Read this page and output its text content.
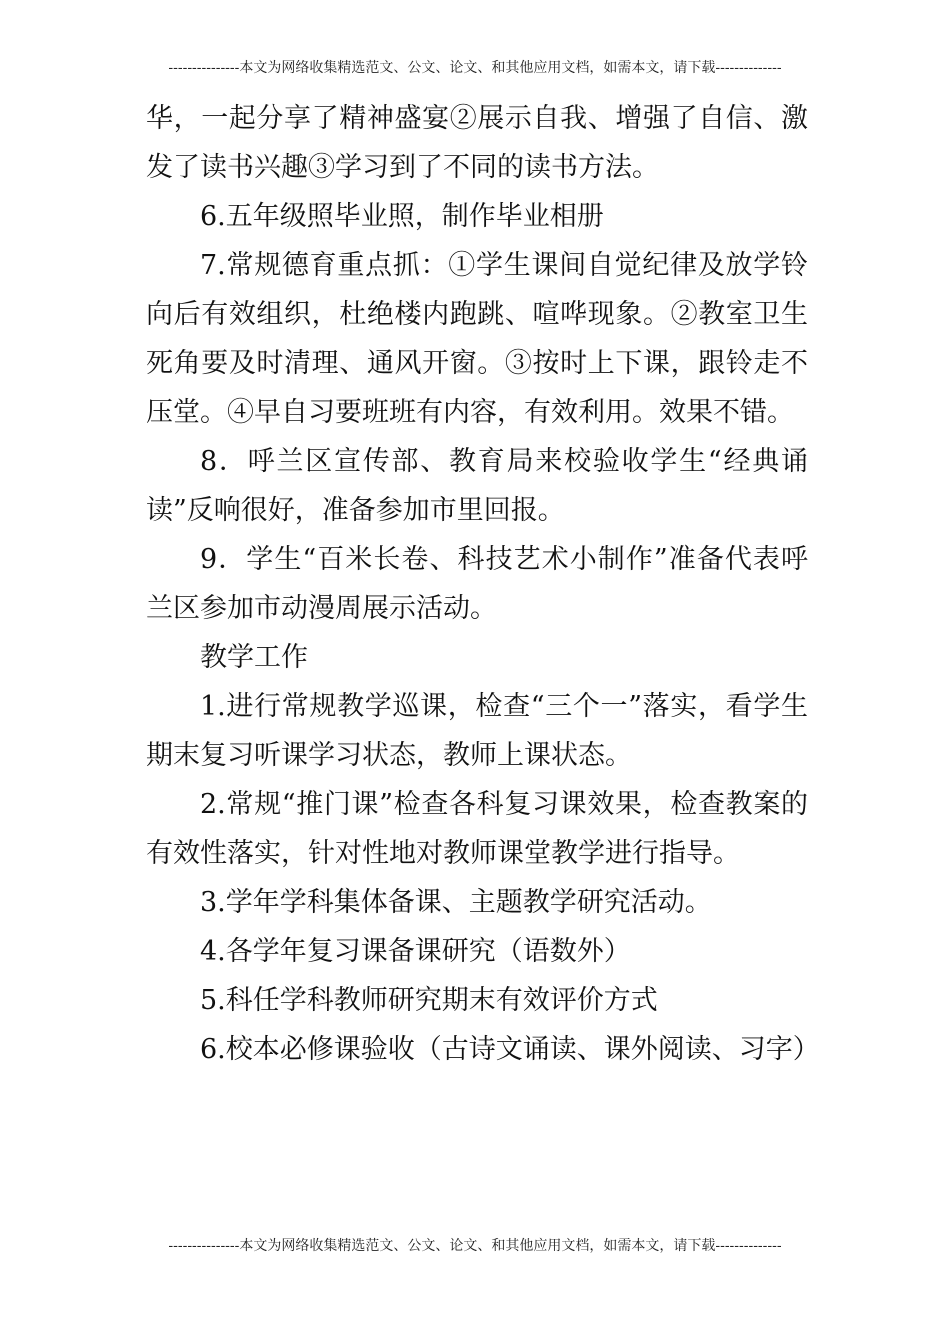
---------------本文为网络收集精选范文、公文、论文、和其他应用文档，如需本文，请下载--------------

华，一起分享了精神盛宴②展示自我、增强了自信、激发了读书兴趣③学习到了不同的读书方法。

6.五年级照毕业照，制作毕业相册

7.常规德育重点抓：①学生课间自觉纪律及放学铃向后有效组织，杜绝楼内跑跳、喧哗现象。②教室卫生死角要及时清理、通风开窗。③按时上下课，跟铃走不压堂。④早自习要班班有内容，有效利用。效果不错。

8．呼兰区宣传部、教育局来校验收学生“经典诵读”反响很好，准备参加市里回报。

9．学生“百米长卷、科技艺术小制作”准备代表呼兰区参加市动漫周展示活动。

教学工作

1.进行常规教学巡课，检查“三个一”落实，看学生期末复习听课学习状态，教师上课状态。

2.常规“推门课”检查各科复习课效果，检查教案的有效性落实，针对性地对教师课堂教学进行指导。

3.学年学科集体备课、主题教学研究活动。

4.各学年复习课备课研究（语数外）

5.科任学科教师研究期末有效评价方式

6.校本必修课验收（古诗文诵读、课外阅读、习字）

---------------本文为网络收集精选范文、公文、论文、和其他应用文档，如需本文，请下载--------------
